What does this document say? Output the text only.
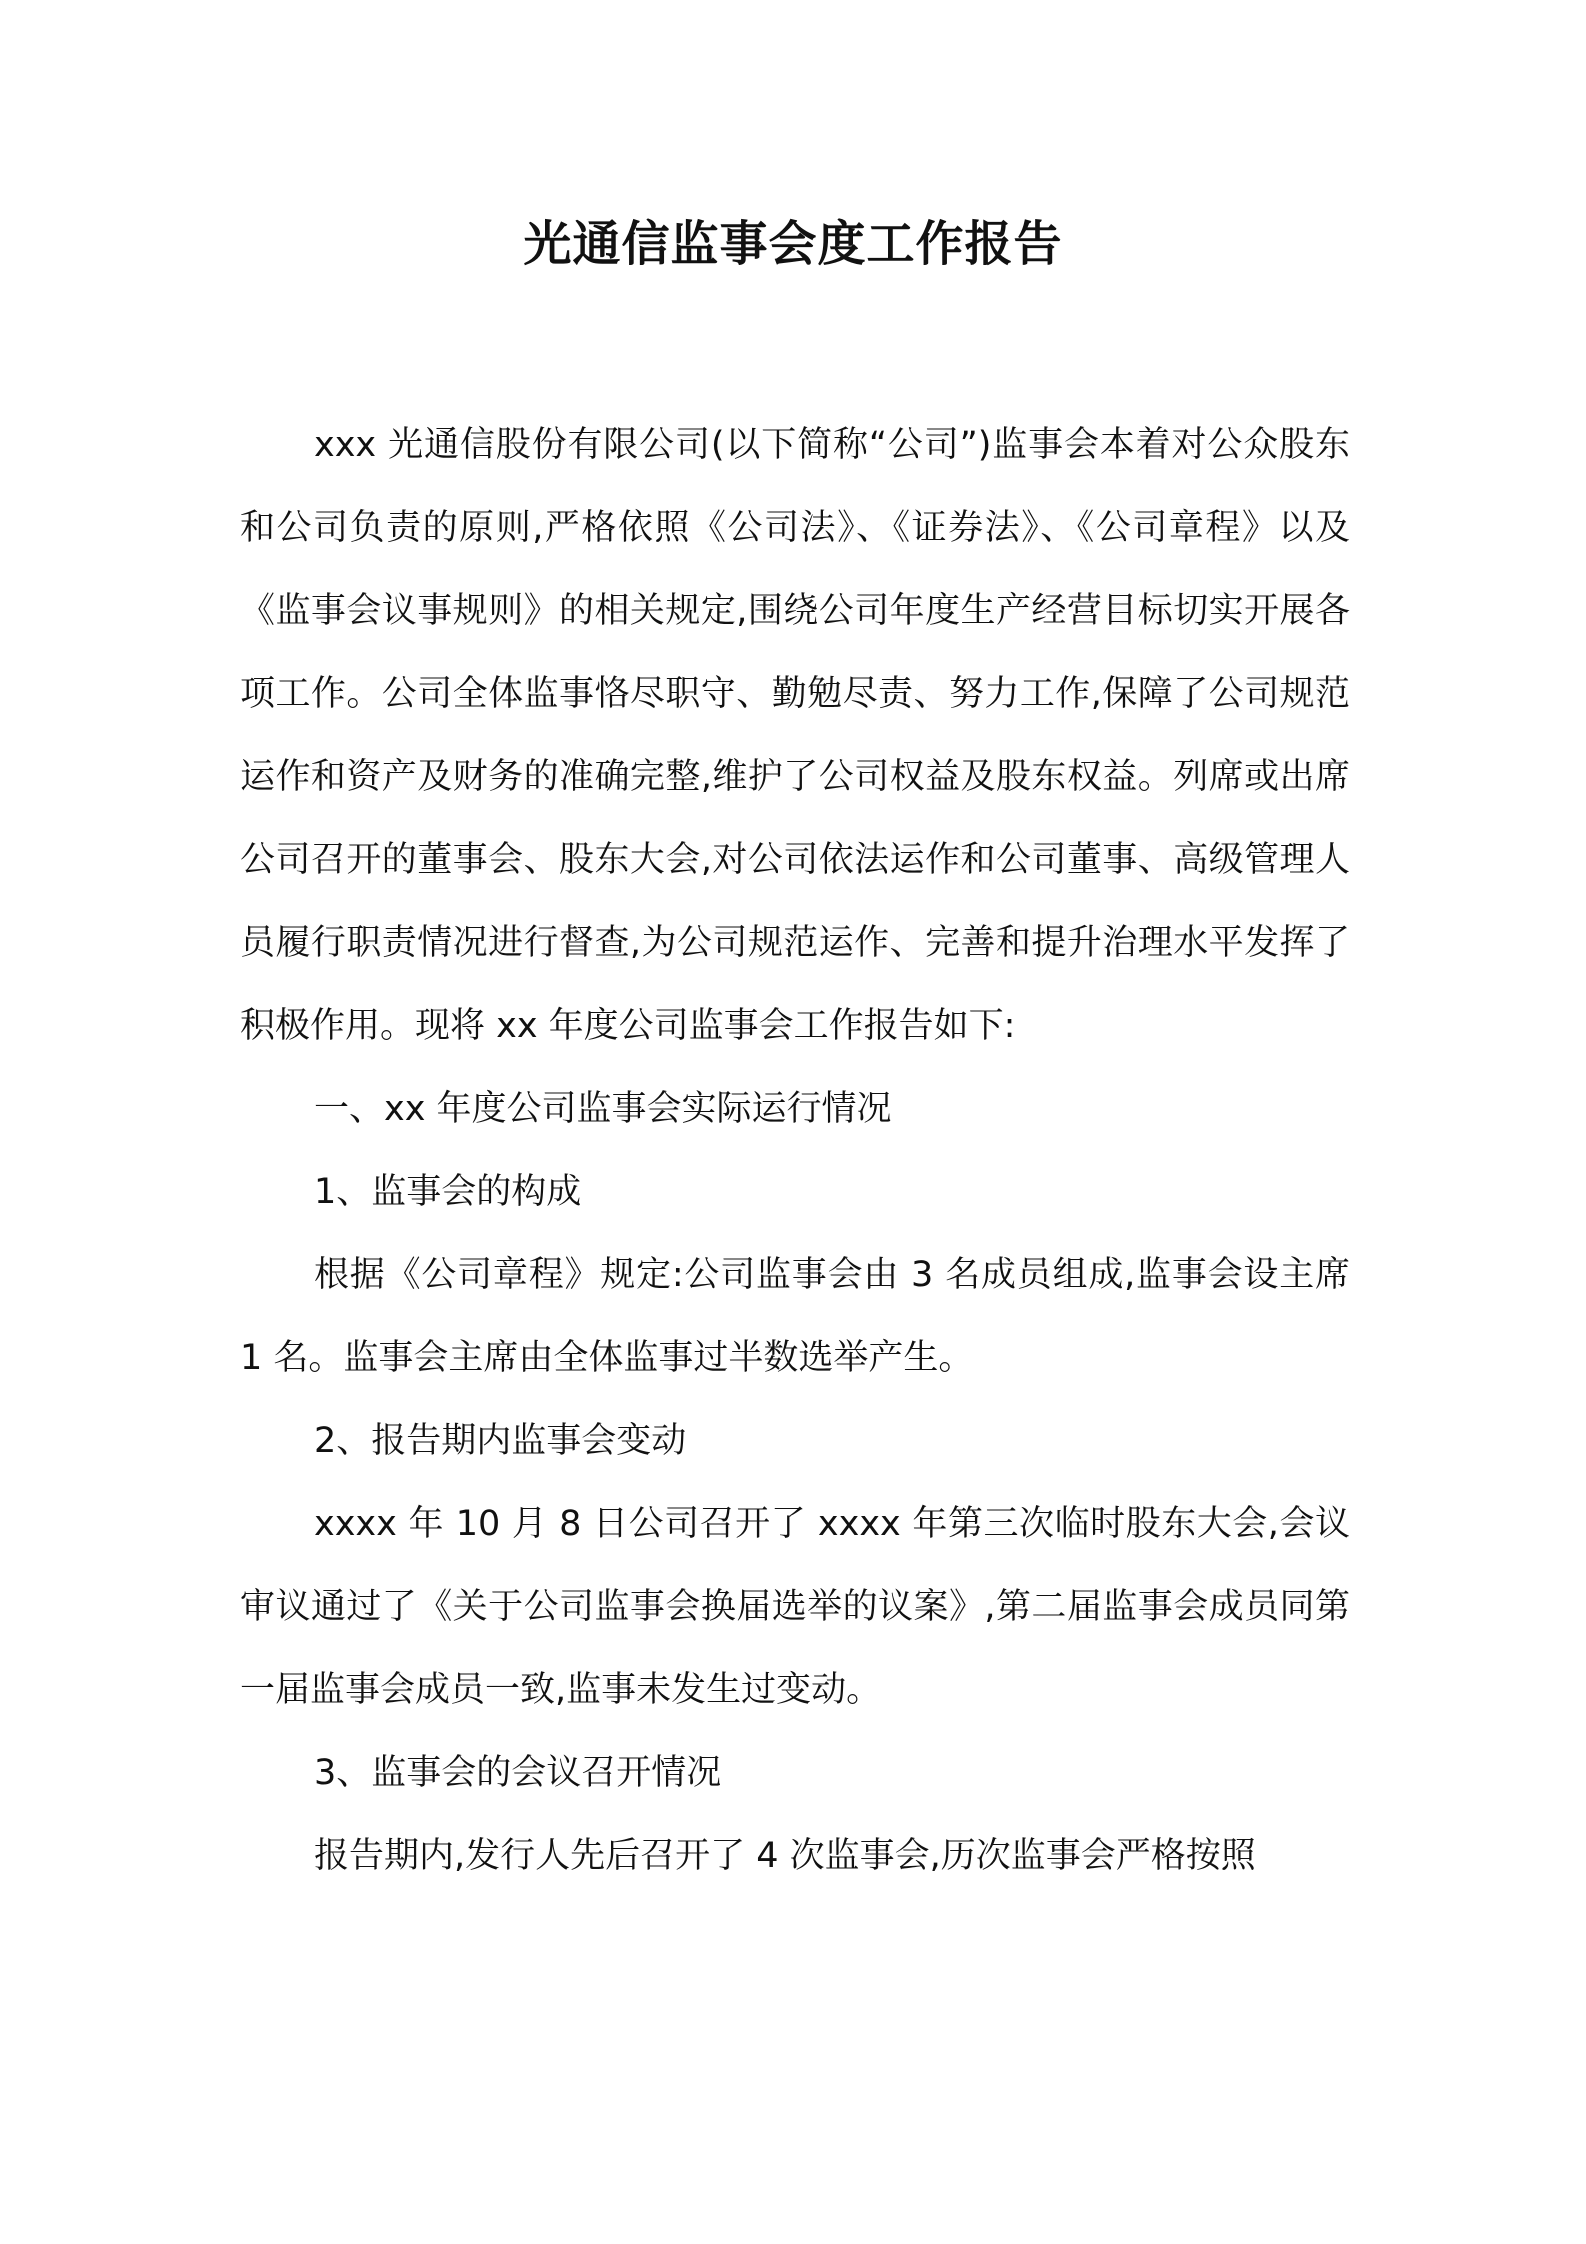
光通信监事会度工作报告

xxx 光通信股份有限公司(以下简称“公司”)监事会本着对公众股东和公司负责的原则,严格依照《公司法》、《证券法》、《公司章程》以及《监事会议事规则》的相关规定,围绕公司年度生产经营目标切实开展各项工作。公司全体监事恪尽职守、勤勉尽责、努力工作,保障了公司规范运作和资产及财务的准确完整,维护了公司权益及股东权益。列席或出席公司召开的董事会、股东大会,对公司依法运作和公司董事、高级管理人员履行职责情况进行督查,为公司规范运作、完善和提升治理水平发挥了积极作用。现将 xx 年度公司监事会工作报告如下:

一、xx 年度公司监事会实际运行情况

1、监事会的构成

根据《公司章程》规定:公司监事会由 3 名成员组成,监事会设主席 1 名。监事会主席由全体监事过半数选举产生。

2、报告期内监事会变动

xxxx 年 10 月 8 日公司召开了 xxxx 年第三次临时股东大会,会议审议通过了《关于公司监事会换届选举的议案》,第二届监事会成员同第一届监事会成员一致,监事未发生过变动。

3、监事会的会议召开情况

报告期内,发行人先后召开了 4 次监事会,历次监事会严格按照
